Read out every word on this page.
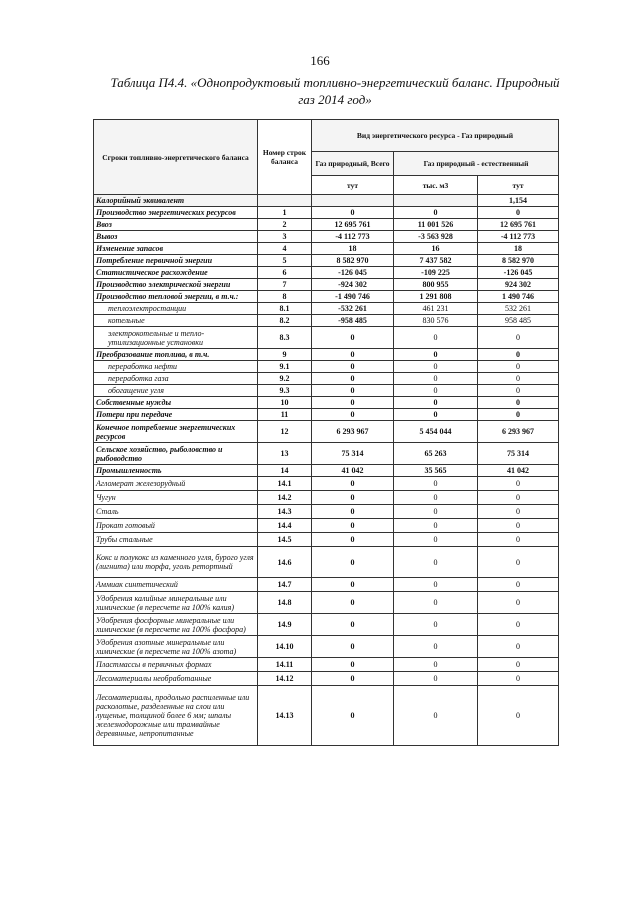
166
Таблица П4.4. «Однопродуктовый топливно-энергетический баланс. Природный
газ 2014 год»
Сгроки топливно-энергетического баланса	Номер строк баланса	Вид энергетического ресурса - Газ природный		
		Газ природный, Всего	Газ природный - естественный	
		тут	тыс. м3	тут
Калорийный эквивалент				1,154
Производство энергетических ресурсов	1	0	0	0
Ввоз	2	12 695 761	11 001 526	12 695 761
Вывоз	3	-4 112 773	-3 563 928	-4 112 773
Изменение запасов	4	18	16	18
Потребление первичной энергии	5	8 582 970	7 437 582	8 582 970
Статистическое расхождение	6	-126 045	-109 225	-126 045
Производство электрической энергии	7	-924 302	800 955	924 302
Производство тепловой энергии, в т.ч.:	8	-1 490 746	1 291 808	1 490 746
теплоэлектростанции	8.1	-532 261	461 231	532 261
котельные	8.2	-958 485	830 576	958 485
электрокотельные и тепло-утилизационные установки	8.3	0	0	0
Преобразование топлива, в т.ч.	9	0	0	0
переработка нефти	9.1	0	0	0
переработка газа	9.2	0	0	0
обогащение угля	9.3	0	0	0
Собственные нужды	10	0	0	0
Потери при передаче	11	0	0	0
Конечное потребление энергетических ресурсов	12	6 293 967	5 454 044	6 293 967
Сельское хозяйство, рыболовство и рыбоводство	13	75 314	65 263	75 314
Промышленность	14	41 042	35 565	41 042
Агломерат железорудный	14.1	0	0	0
Чугун	14.2	0	0	0
Сталь	14.3	0	0	0
Прокат готовый	14.4	0	0	0
Трубы стальные	14.5	0	0	0
Кокс и полукокс из каменного угля, бурого угля (лигнита) или торфа, уголь ретортный	14.6	0	0	0
Аммиак синтетический	14.7	0	0	0
Удобрения калийные минеральные или химические (в пересчете на 100% калия)	14.8	0	0	0
Удобрения фосфорные минеральные или химические (в пересчете на 100% фосфора)	14.9	0	0	0
Удобрения азотные минеральные или химические (в пересчете на 100% азота)	14.10	0	0	0
Пластмассы в первичных формах	14.11	0	0	0
Лесоматериалы необработанные	14.12	0	0	0
Лесоматериалы, продольно распиленные или расколотые, разделенные на слои или лущеные, толщиной более 6 мм; шпалы железнодорожные или трамвайные деревянные, непропитанные	14.13	0	0	0
